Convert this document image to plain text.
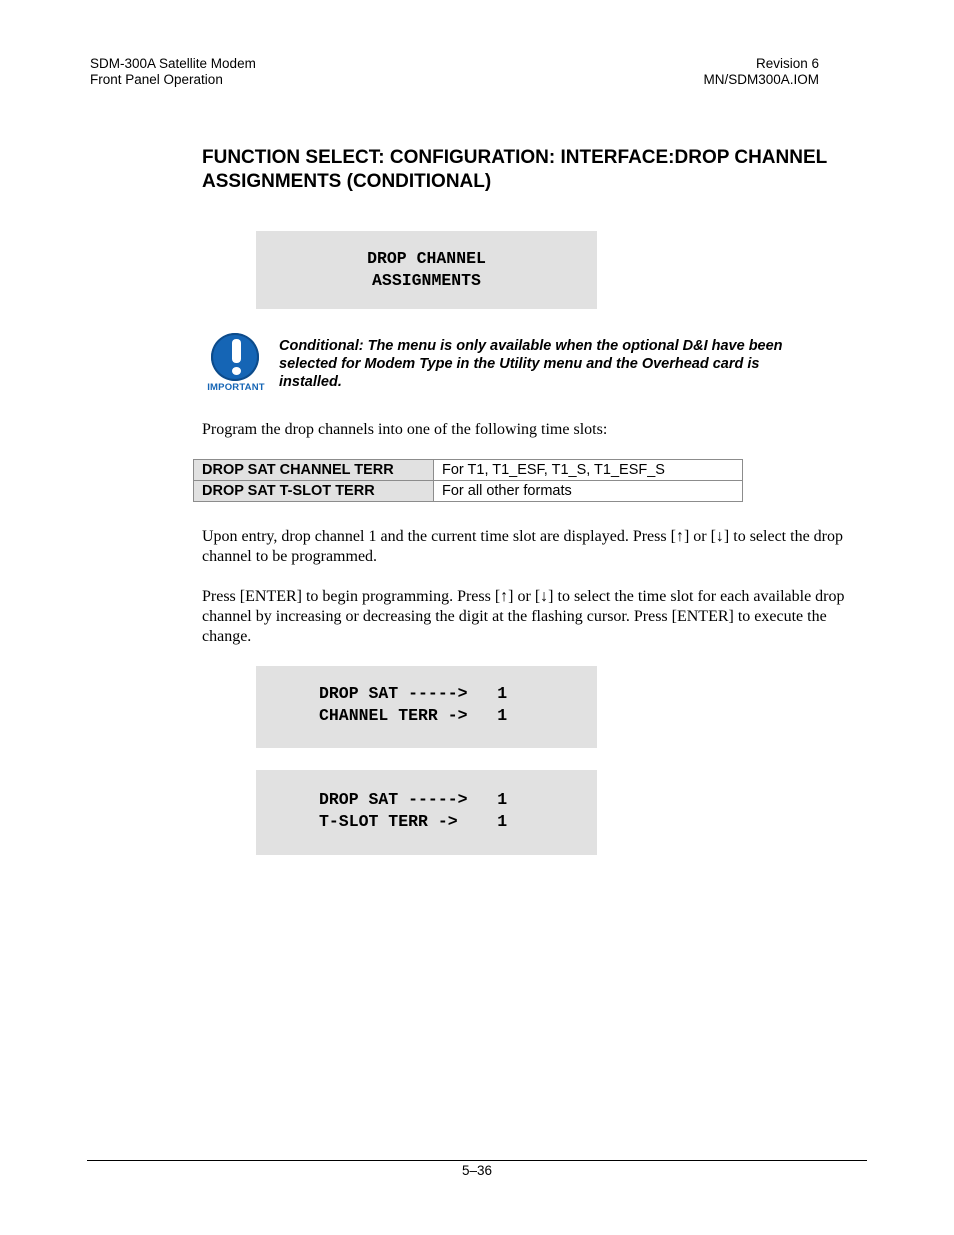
SDM-300A Satellite Modem
Front Panel Operation
Revision 6
MN/SDM300A.IOM
FUNCTION SELECT: CONFIGURATION: INTERFACE:DROP CHANNEL ASSIGNMENTS (CONDITIONAL)
DROP CHANNEL
ASSIGNMENTS
IMPORTANT
Conditional: The menu is only available when the optional D&I have been selected for Modem Type in the Utility menu and the Overhead card is installed.

Program the drop channels into one of the following time slots:

DROP SAT CHANNEL TERR	For T1, T1_ESF, T1_S, T1_ESF_S
DROP SAT T-SLOT TERR	For all other formats

Upon entry, drop channel 1 and the current time slot are displayed. Press [↑] or [↓] to select the drop channel to be programmed.

Press [ENTER] to begin programming. Press [↑] or [↓] to select the time slot for each available drop channel by increasing or decreasing the digit at the flashing cursor. Press [ENTER] to execute the change.

DROP SAT ----->   1
CHANNEL TERR ->   1
DROP SAT ----->   1
T-SLOT TERR ->    1
5–36
